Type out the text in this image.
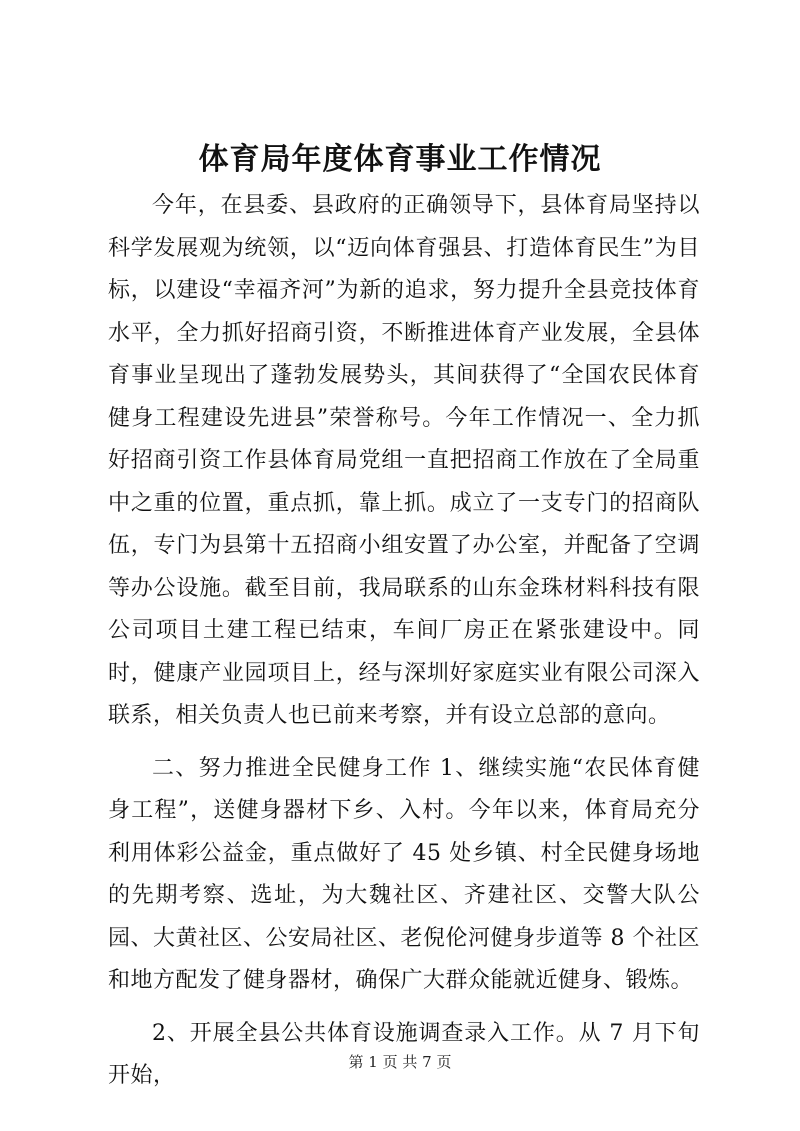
体育局年度体育事业工作情况

今年，在县委、县政府的正确领导下，县体育局坚持以科学发展观为统领，以“迈向体育强县、打造体育民生”为目标，以建设“幸福齐河”为新的追求，努力提升全县竞技体育水平，全力抓好招商引资，不断推进体育产业发展，全县体育事业呈现出了蓬勃发展势头，其间获得了“全国农民体育健身工程建设先进县”荣誉称号。今年工作情况一、全力抓好招商引资工作县体育局党组一直把招商工作放在了全局重中之重的位置，重点抓，靠上抓。成立了一支专门的招商队伍，专门为县第十五招商小组安置了办公室，并配备了空调等办公设施。截至目前，我局联系的山东金珠材料科技有限公司项目土建工程已结束，车间厂房正在紧张建设中。同时，健康产业园项目上，经与深圳好家庭实业有限公司深入联系，相关负责人也已前来考察，并有设立总部的意向。

二、努力推进全民健身工作 1、继续实施“农民体育健身工程”，送健身器材下乡、入村。今年以来，体育局充分利用体彩公益金，重点做好了 45 处乡镇、村全民健身场地的先期考察、选址，为大魏社区、齐建社区、交警大队公园、大黄社区、公安局社区、老倪伦河健身步道等 8 个社区和地方配发了健身器材，确保广大群众能就近健身、锻炼。

2、开展全县公共体育设施调查录入工作。从 7 月下旬开始，

第 1 页 共 7 页
